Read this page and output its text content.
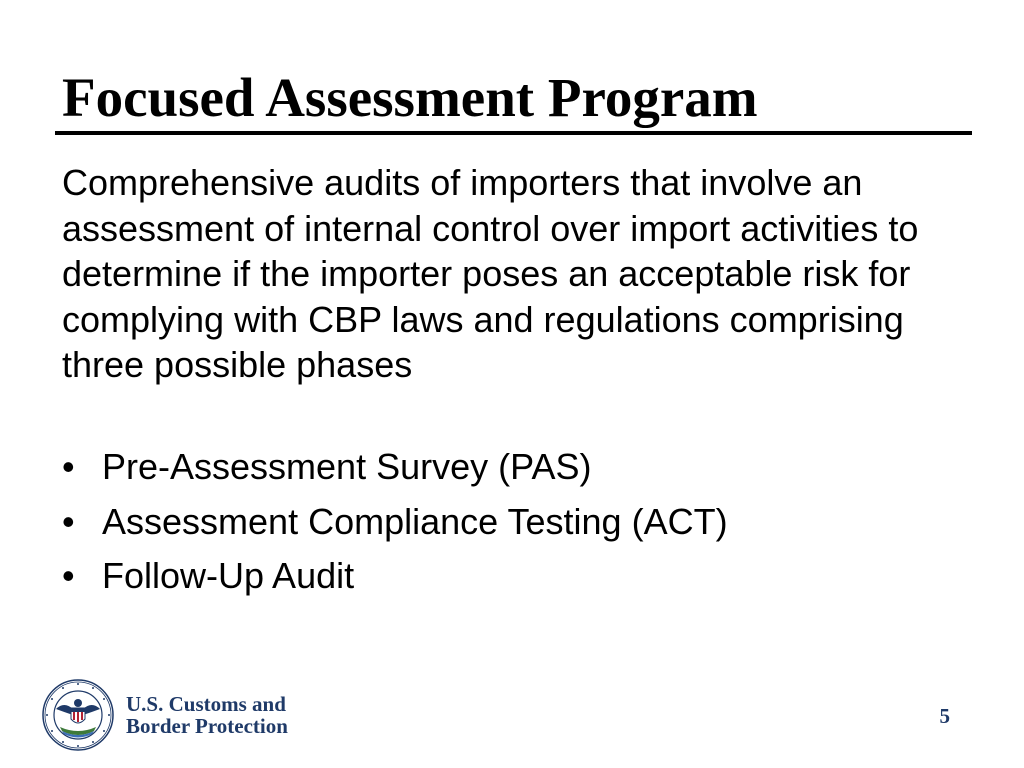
Focused Assessment Program

Comprehensive audits of importers that involve an assessment of internal control over import activities to determine if the importer poses an acceptable risk for complying with CBP laws and regulations comprising three possible phases

• Pre-Assessment Survey (PAS)
• Assessment Compliance Testing (ACT)
• Follow-Up Audit
U.S. Customs and
Border Protection	5
